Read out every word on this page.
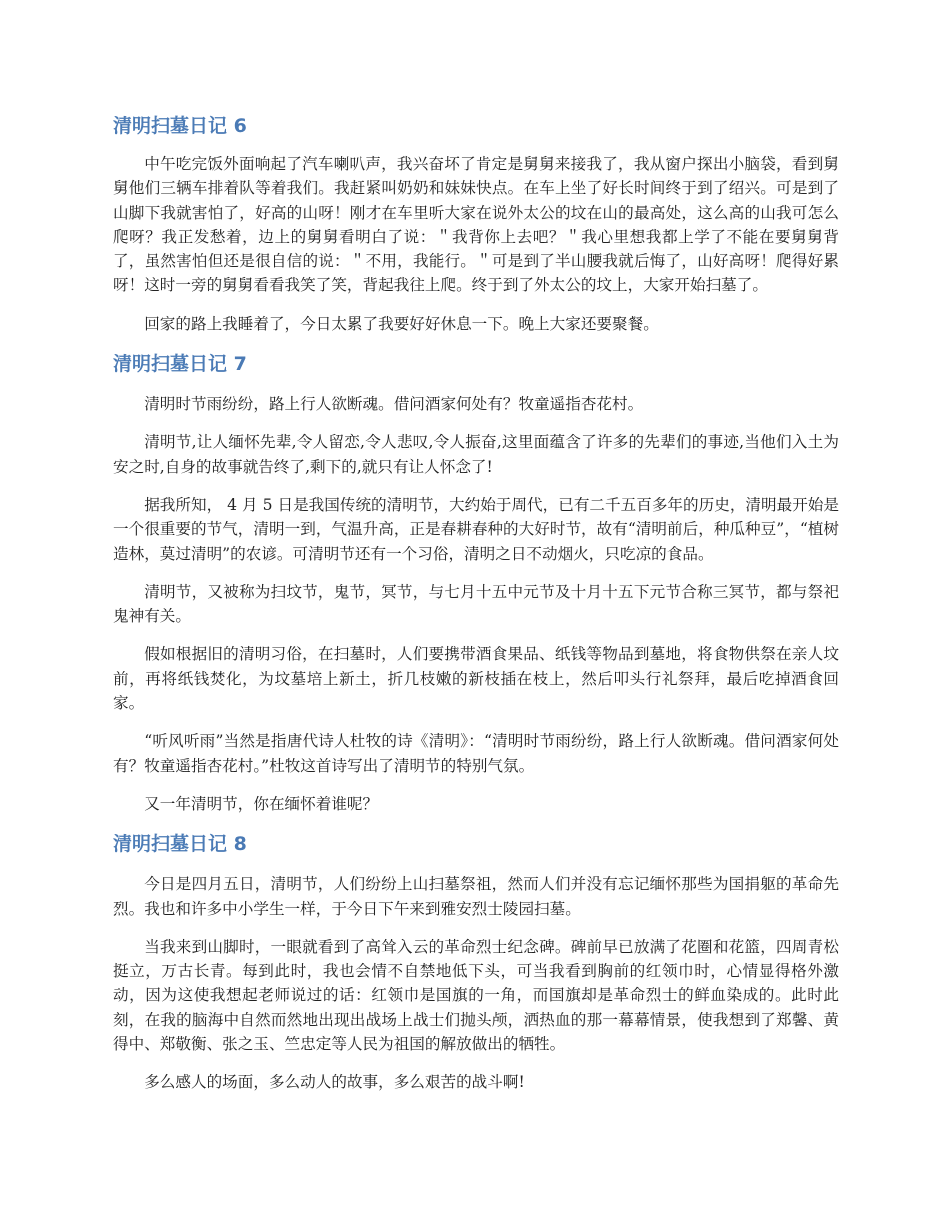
清明扫墓日记 6

中午吃完饭外面响起了汽车喇叭声，我兴奋坏了肯定是舅舅来接我了，我从窗户探出小脑袋，看到舅舅他们三辆车排着队等着我们。我赶紧叫奶奶和妹妹快点。在车上坐了好长时间终于到了绍兴。可是到了山脚下我就害怕了，好高的山呀！刚才在车里听大家在说外太公的坟在山的最高处，这么高的山我可怎么爬呀？我正发愁着，边上的舅舅看明白了说：＂我背你上去吧？＂我心里想我都上学了不能在要舅舅背了，虽然害怕但还是很自信的说：＂不用，我能行。＂可是到了半山腰我就后悔了，山好高呀！爬得好累呀！这时一旁的舅舅看看我笑了笑，背起我往上爬。终于到了外太公的坟上，大家开始扫墓了。

回家的路上我睡着了，今日太累了我要好好休息一下。晚上大家还要聚餐。

清明扫墓日记 7

清明时节雨纷纷，路上行人欲断魂。借问酒家何处有？牧童遥指杏花村。

清明节,让人缅怀先辈,令人留恋,令人悲叹,令人振奋,这里面蕴含了许多的先辈们的事迹,当他们入土为安之时,自身的故事就告终了,剩下的,就只有让人怀念了!

据我所知， 4 月 5 日是我国传统的清明节，大约始于周代，已有二千五百多年的历史，清明最开始是一个很重要的节气，清明一到，气温升高，正是春耕春种的大好时节，故有“清明前后，种瓜种豆”，“植树造林，莫过清明”的农谚。可清明节还有一个习俗，清明之日不动烟火，只吃凉的食品。

清明节，又被称为扫坟节，鬼节，冥节，与七月十五中元节及十月十五下元节合称三冥节，都与祭祀鬼神有关。

假如根据旧的清明习俗，在扫墓时，人们要携带酒食果品、纸钱等物品到墓地，将食物供祭在亲人坟前，再将纸钱焚化，为坟墓培上新土，折几枝嫩的新枝插在枝上，然后叩头行礼祭拜，最后吃掉酒食回家。

“听风听雨”当然是指唐代诗人杜牧的诗《清明》：“清明时节雨纷纷，路上行人欲断魂。借问酒家何处有？牧童遥指杏花村。”杜牧这首诗写出了清明节的特别气氛。

又一年清明节，你在缅怀着谁呢？

清明扫墓日记 8

今日是四月五日，清明节，人们纷纷上山扫墓祭祖，然而人们并没有忘记缅怀那些为国捐躯的革命先烈。我也和许多中小学生一样，于今日下午来到雅安烈士陵园扫墓。

当我来到山脚时，一眼就看到了高耸入云的革命烈士纪念碑。碑前早已放满了花圈和花篮，四周青松挺立，万古长青。每到此时，我也会情不自禁地低下头，可当我看到胸前的红领巾时，心情显得格外激动，因为这使我想起老师说过的话：红领巾是国旗的一角，而国旗却是革命烈士的鲜血染成的。此时此刻，在我的脑海中自然而然地出现出战场上战士们抛头颅，洒热血的那一幕幕情景，使我想到了郑馨、黄得中、郑敬衡、张之玉、竺忠定等人民为祖国的解放做出的牺牲。

多么感人的场面，多么动人的故事，多么艰苦的战斗啊!
